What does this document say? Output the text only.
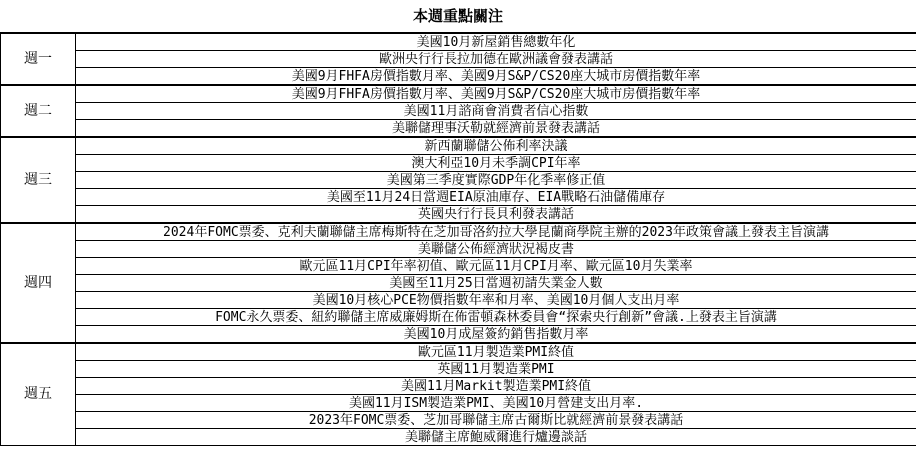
本週重點關注
週一	美國10月新屋銷售總數年化
	歐洲央行行長拉加德在歐洲議會發表講話
	美國9月FHFA房價指數月率、美國9月S&P/CS20座大城市房價指數年率
週二	美國9月FHFA房價指數月率、美國9月S&P/CS20座大城市房價指數年率
	美國11月諮商會消費者信心指數
	美聯儲理事沃勒就經濟前景發表講話
週三	新西蘭聯儲公佈利率決議
	澳大利亞10月未季調CPI年率
	美國第三季度實際GDP年化季率修正值
	美國至11月24日當週EIA原油庫存、EIA戰略石油儲備庫存
	英國央行行長貝利發表講話
週四	2024年FOMC票委、克利夫蘭聯儲主席梅斯特在芝加哥洛約拉大學昆蘭商學院主辦的2023年政策會議上發表主旨演講
	美聯儲公佈經濟狀況褐皮書
	歐元區11月CPI年率初值、歐元區11月CPI月率、歐元區10月失業率
	美國至11月25日當週初請失業金人數
	美國10月核心PCE物價指數年率和月率、美國10月個人支出月率
	FOMC永久票委、紐約聯儲主席威廉姆斯在佈雷頓森林委員會“探索央行創新”會議.上發表主旨演講
	美國10月成屋簽約銷售指數月率
週五	歐元區11月製造業PMI終值
	英國11月製造業PMI
	美國11月Markit製造業PMI終值
	美國11月ISM製造業PMI、美國10月營建支出月率.
	2023年FOMC票委、芝加哥聯儲主席古爾斯比就經濟前景發表講話
	美聯儲主席鮑威爾進行爐邊談話
